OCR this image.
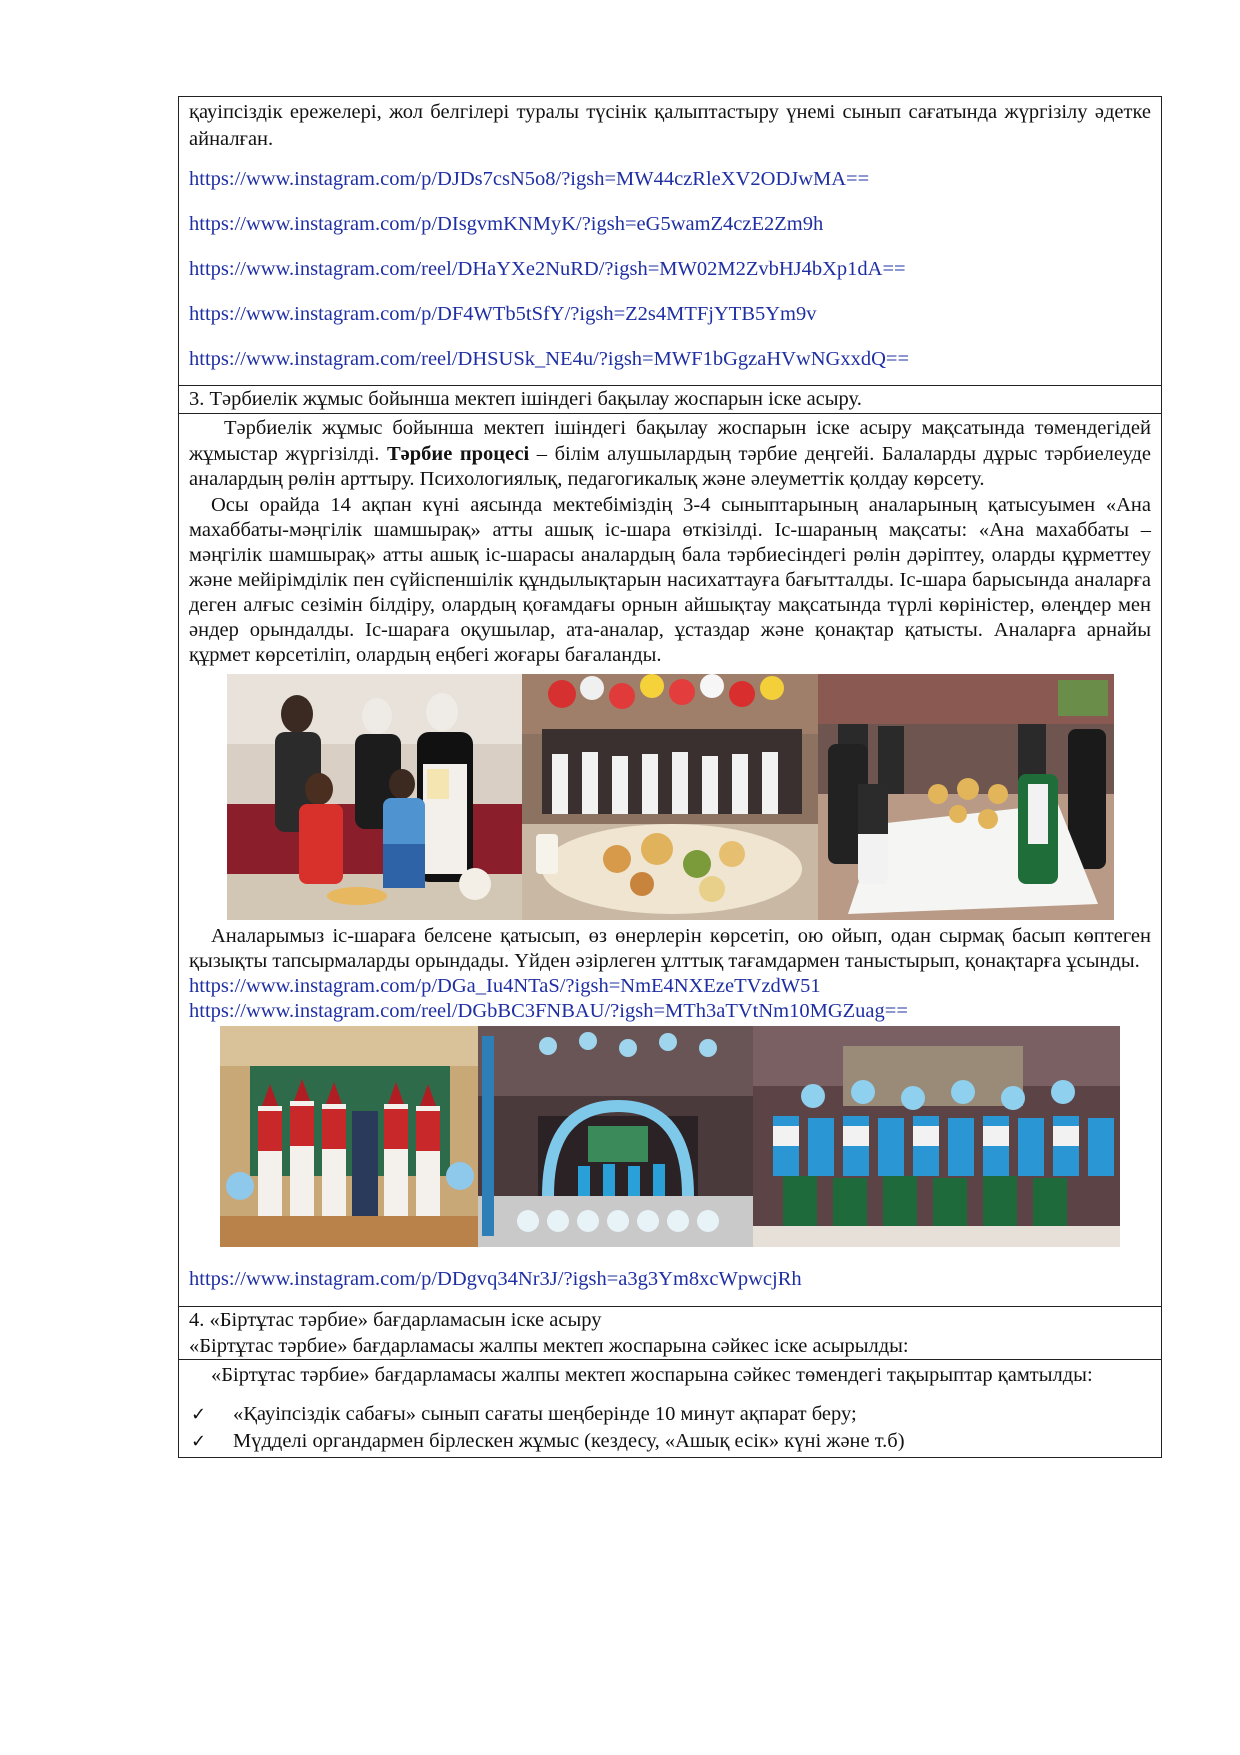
қауіпсіздік ережелері, жол белгілері туралы түсінік қалыптастыру үнемі сынып сағатында жүргізілу әдетке айналған.

https://www.instagram.com/p/DJDs7csN5o8/?igsh=MW44czRleXV2ODJwMA==
https://www.instagram.com/p/DIsgvmKNMyK/?igsh=eG5wamZ4czE2Zm9h
https://www.instagram.com/reel/DHaYXe2NuRD/?igsh=MW02M2ZvbHJ4bXp1dA==
https://www.instagram.com/p/DF4WTb5tSfY/?igsh=Z2s4MTFjYTB5Ym9v
https://www.instagram.com/reel/DHSUSk_NE4u/?igsh=MWF1bGgzaHVwNGxxdQ==

3. Тәрбиелік жұмыс бойынша мектеп ішіндегі бақылау жоспарын іске асыру.

Тәрбиелік жұмыс бойынша мектеп ішіндегі бақылау жоспарын іске асыру мақсатында төмендегідей жұмыстар жүргізілді. Тәрбие процесі – білім алушылардың тәрбие деңгейі. Балаларды дұрыс тәрбиелеуде аналардың рөлін арттыру. Психологиялық, педагогикалық және әлеуметтік қолдау көрсету.

Осы орайда 14 ақпан күні аясында мектебіміздің 3-4 сыныптарының аналарының қатысуымен «Ана махаббаты-мәңгілік шамшырақ» атты ашық іс-шара өткізілді. Іс-шараның мақсаты: «Ана махаббаты – мәңгілік шамшырақ» атты ашық іс-шарасы аналардың бала тәрбиесіндегі рөлін дәріптеу, оларды құрметтеу және мейірімділік пен сүйіспеншілік құндылықтарын насихаттауға бағытталды. Іс-шара барысында аналарға деген алғыс сезімін білдіру, олардың қоғамдағы орнын айшықтау мақсатында түрлі көріністер, өлеңдер мен әндер орындалды. Іс-шараға оқушылар, ата-аналар, ұстаздар және қонақтар қатысты. Аналарға арнайы құрмет көрсетіліп, олардың еңбегі жоғары бағаланды.

Аналарымыз іс-шараға белсене қатысып, өз өнерлерін көрсетіп, ою ойып, одан сырмақ басып көптеген қызықты тапсырмаларды орындады. Үйден әзірлеген ұлттық тағамдармен таныстырып, қонақтарға ұсынды.

https://www.instagram.com/p/DGa_Iu4NTaS/?igsh=NmE4NXEzeTVzdW51
https://www.instagram.com/reel/DGbBC3FNBAU/?igsh=MTh3aTVtNm10MGZuag==
https://www.instagram.com/p/DDgvq34Nr3J/?igsh=a3g3Ym8xcWpwcjRh

4. «Біртұтас тәрбие» бағдарламасын іске асыру

«Біртұтас тәрбие» бағдарламасы жалпы мектеп жоспарына сәйкес іске асырылды:

«Біртұтас тәрбие» бағдарламасы жалпы мектеп жоспарына сәйкес төмендегі тақырыптар қамтылды:

✓ «Қауіпсіздік сабағы» сынып сағаты шеңберінде 10 минут ақпарат беру;
✓ Мүдделі органдармен бірлескен жұмыс (кездесу, «Ашық есік» күні және т.б)
